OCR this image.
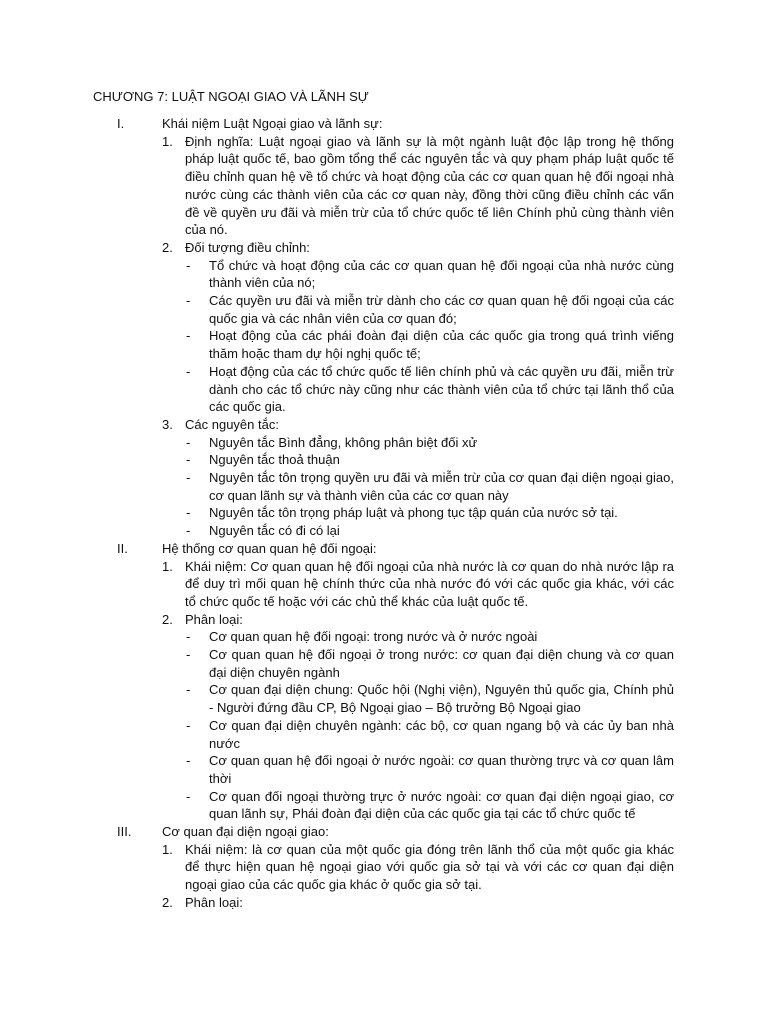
CHƯƠNG 7: LUẬT NGOẠI GIAO VÀ LÃNH SỰ
I.	Khái niệm Luật Ngoại giao và lãnh sự:
1. Định nghĩa: Luật ngoại giao và lãnh sự là một ngành luật độc lập trong hệ thống pháp luật quốc tế, bao gồm tổng thể các nguyên tắc và quy phạm pháp luật quốc tế điều chỉnh quan hệ về tổ chức và hoạt động của các cơ quan quan hệ đối ngoại nhà nước cùng các thành viên của các cơ quan này, đồng thời cũng điều chỉnh các vấn đề về quyền ưu đãi và miễn trừ của tổ chức quốc tế liên Chính phủ cùng thành viên của nó.
2. Đối tượng điều chỉnh:
- Tổ chức và hoạt động của các cơ quan quan hệ đối ngoại của nhà nước cùng thành viên của nó;
- Các quyền ưu đãi và miễn trừ dành cho các cơ quan quan hệ đối ngoại của các quốc gia và các nhân viên của cơ quan đó;
- Hoạt động của các phái đoàn đại diện của các quốc gia trong quá trình viếng thăm hoặc tham dự hội nghị quốc tế;
- Hoạt động của các tổ chức quốc tế liên chính phủ và các quyền ưu đãi, miễn trừ dành cho các tổ chức này cũng như các thành viên của tổ chức tại lãnh thổ của các quốc gia.
3. Các nguyên tắc:
- Nguyên tắc Bình đẳng, không phân biệt đối xử
- Nguyên tắc thoả thuận
- Nguyên tắc tôn trọng quyền ưu đãi và miễn trừ của cơ quan đại diện ngoại giao, cơ quan lãnh sự và thành viên của các cơ quan này
- Nguyên tắc tôn trọng pháp luật và phong tục tập quán của nước sở tại.
- Nguyên tắc có đi có lại
II.	Hệ thống cơ quan quan hệ đối ngoại:
1. Khái niệm: Cơ quan quan hệ đối ngoại của nhà nước là cơ quan do nhà nước lập ra để duy trì mối quan hệ chính thức của nhà nước đó với các quốc gia khác, với các tổ chức quốc tế hoặc với các chủ thể khác của luật quốc tế.
2. Phân loại:
- Cơ quan quan hệ đối ngoại: trong nước và ở nước ngoài
- Cơ quan quan hệ đối ngoại ở trong nước: cơ quan đại diện chung và cơ quan đại diện chuyên ngành
- Cơ quan đại diện chung: Quốc hội (Nghị viện), Nguyên thủ quốc gia, Chính phủ - Người đứng đầu CP, Bộ Ngoại giao – Bộ trưởng Bộ Ngoại giao
- Cơ quan đại diện chuyên ngành: các bộ, cơ quan ngang bộ và các ủy ban nhà nước
- Cơ quan quan hệ đối ngoại ở nước ngoài: cơ quan thường trực và cơ quan lâm thời
- Cơ quan đối ngoại thường trực ở nước ngoài: cơ quan đại diện ngoại giao, cơ quan lãnh sự, Phái đoàn đại diện của các quốc gia tại các tổ chức quốc tế
III. Cơ quan đại diện ngoại giao:
1. Khái niệm: là cơ quan của một quốc gia đóng trên lãnh thổ của một quốc gia khác để thực hiện quan hệ ngoại giao với quốc gia sở tại và với các cơ quan đại diện ngoại giao của các quốc gia khác ở quốc gia sở tại.
2. Phân loại:
